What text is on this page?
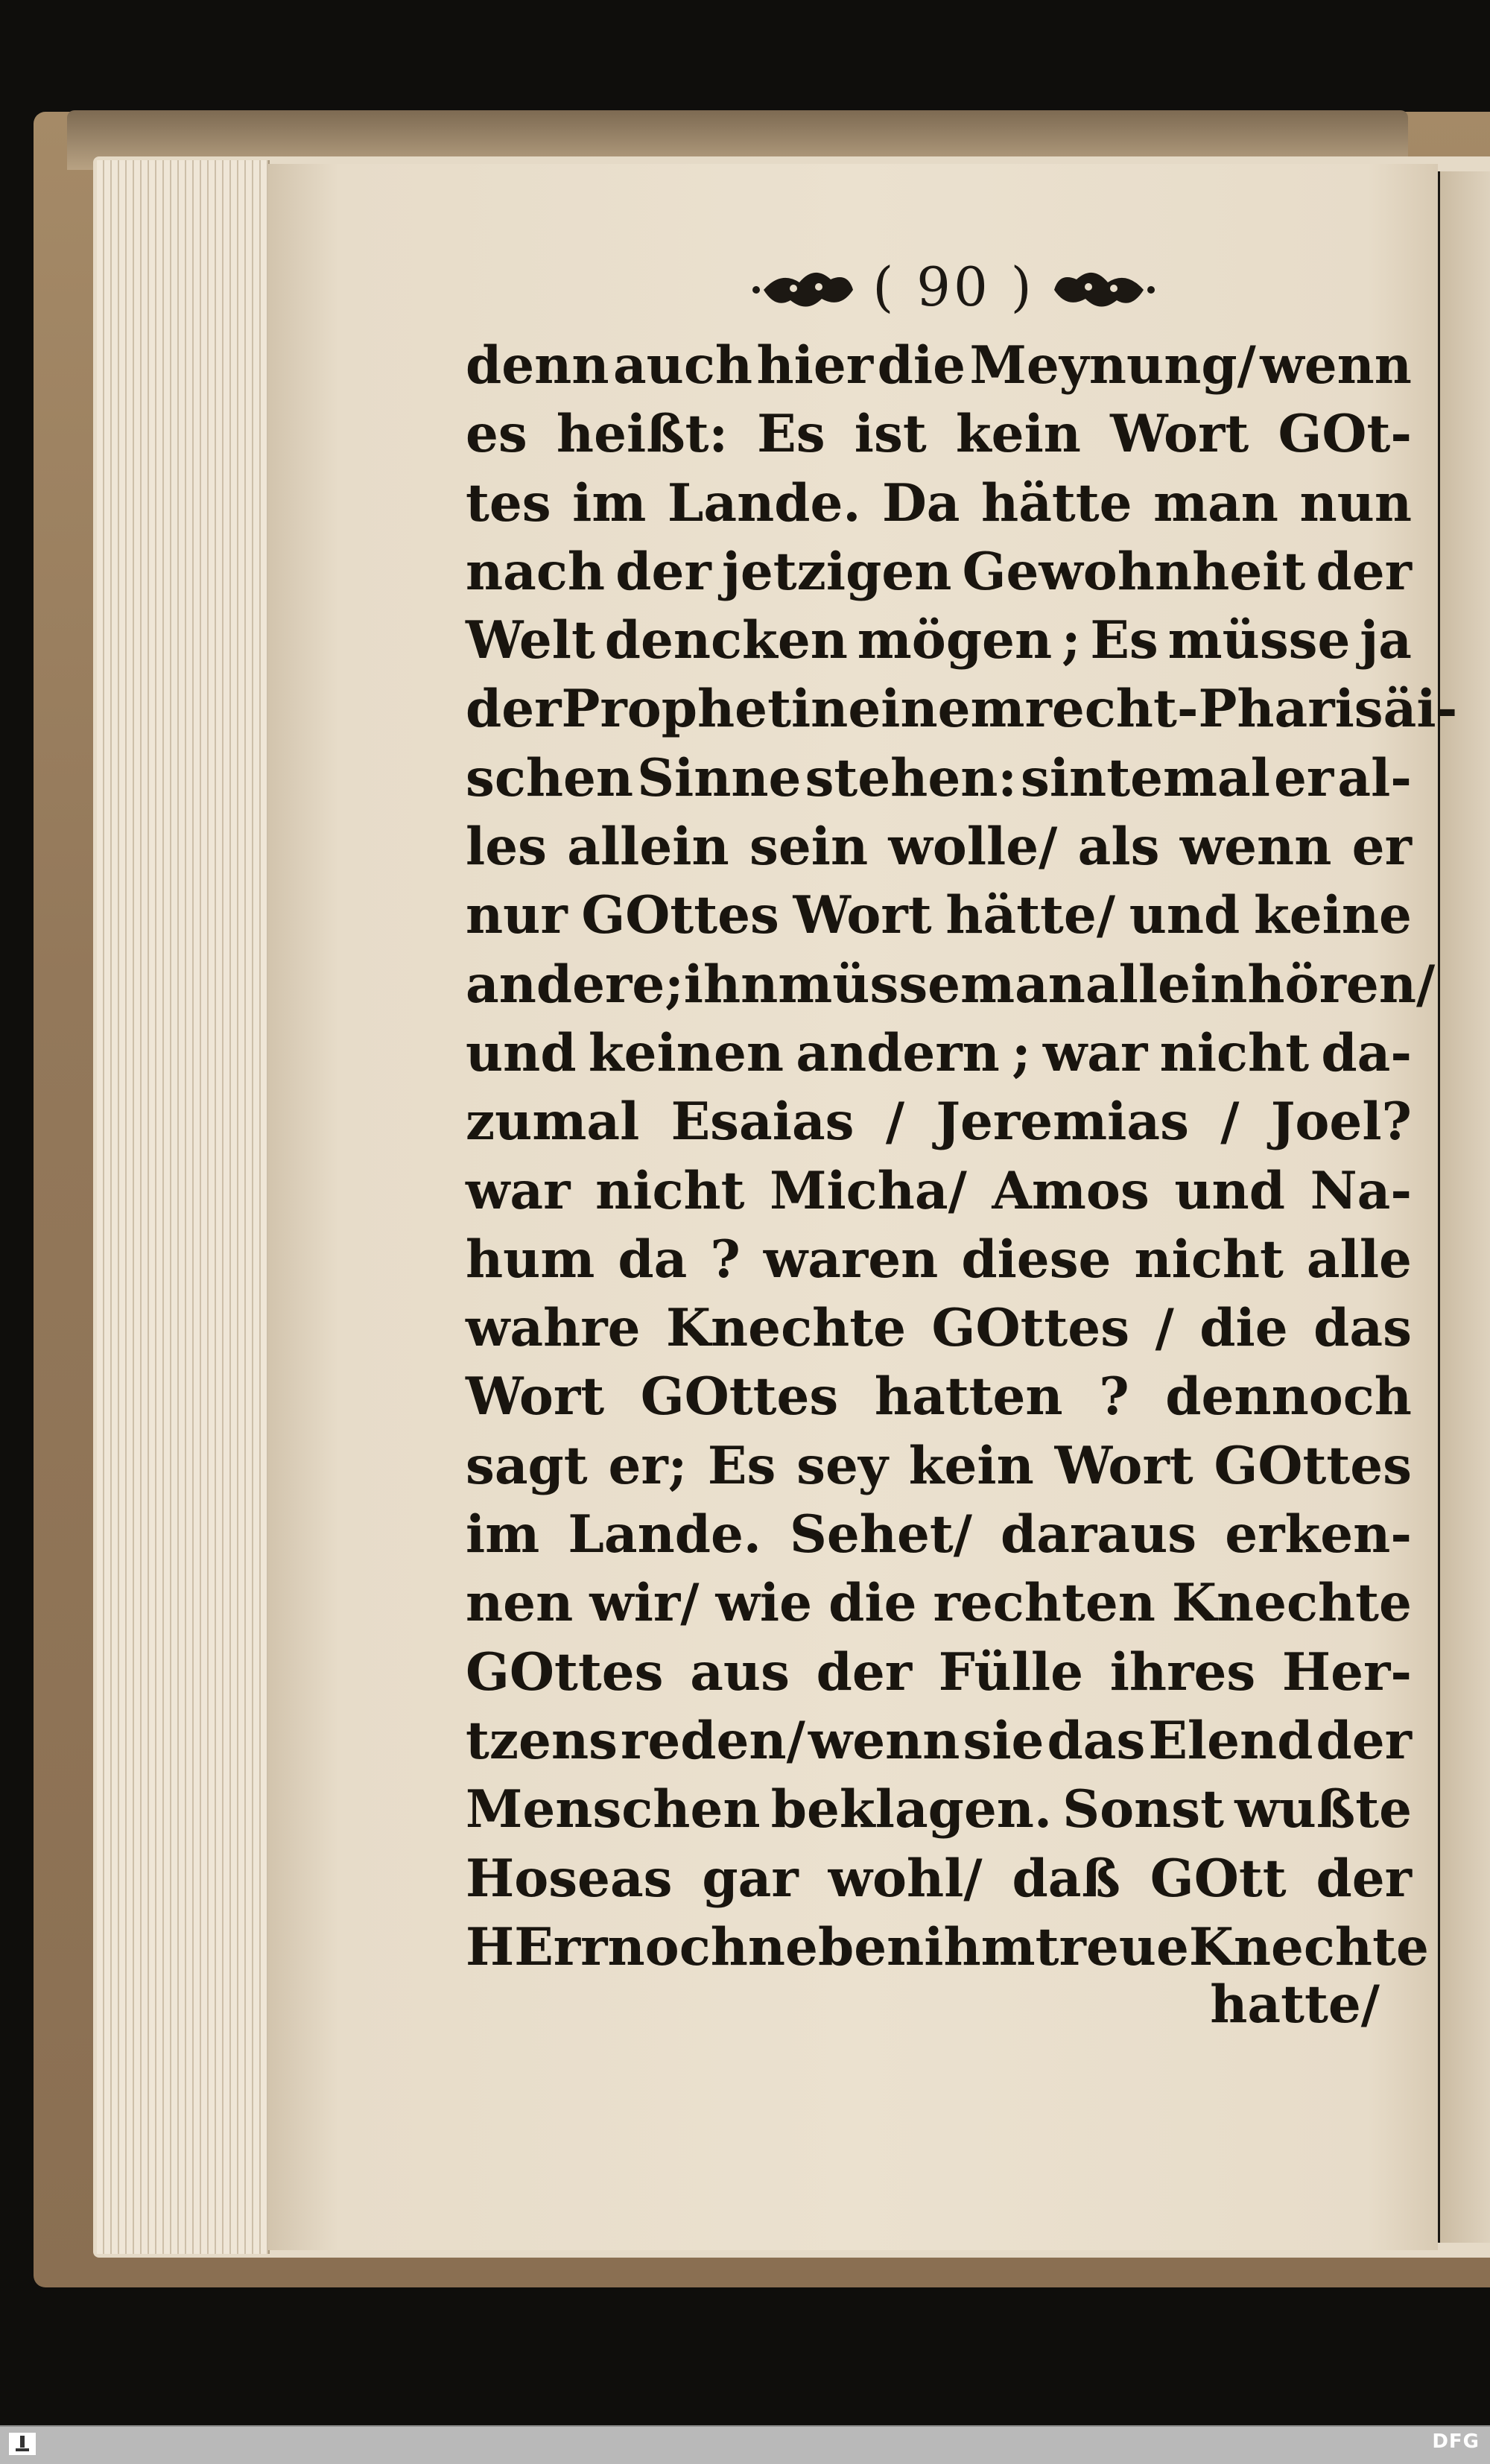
( 90 )
denn auch hier die Meynung/ wenn
es heißt: Es ist kein Wort GOt-
tes im Lande. Da hätte man nun
nach der jetzigen Gewohnheit der
Welt dencken mögen ; Es müsse ja
der Prophet in einem recht-Pharisäi-
schen Sinne stehen: sintemal er al-
les allein sein wolle/ als wenn er
nur GOttes Wort hätte/ und keine
andere; ihn müsse man allein hören/
und keinen andern ; war nicht da-
zumal Esaias / Jeremias / Joel?
war nicht Micha/ Amos und Na-
hum da ? waren diese nicht alle
wahre Knechte GOttes / die das
Wort GOttes hatten ? dennoch
sagt er; Es sey kein Wort GOttes
im Lande. Sehet/ daraus erken-
nen wir/ wie die rechten Knechte
GOttes aus der Fülle ihres Her-
tzens reden/ wenn sie das Elend der
Menschen beklagen. Sonst wußte
Hoseas gar wohl/ daß GOtt der
HErr noch neben ihm treue Knechte
hatte/
DFG
